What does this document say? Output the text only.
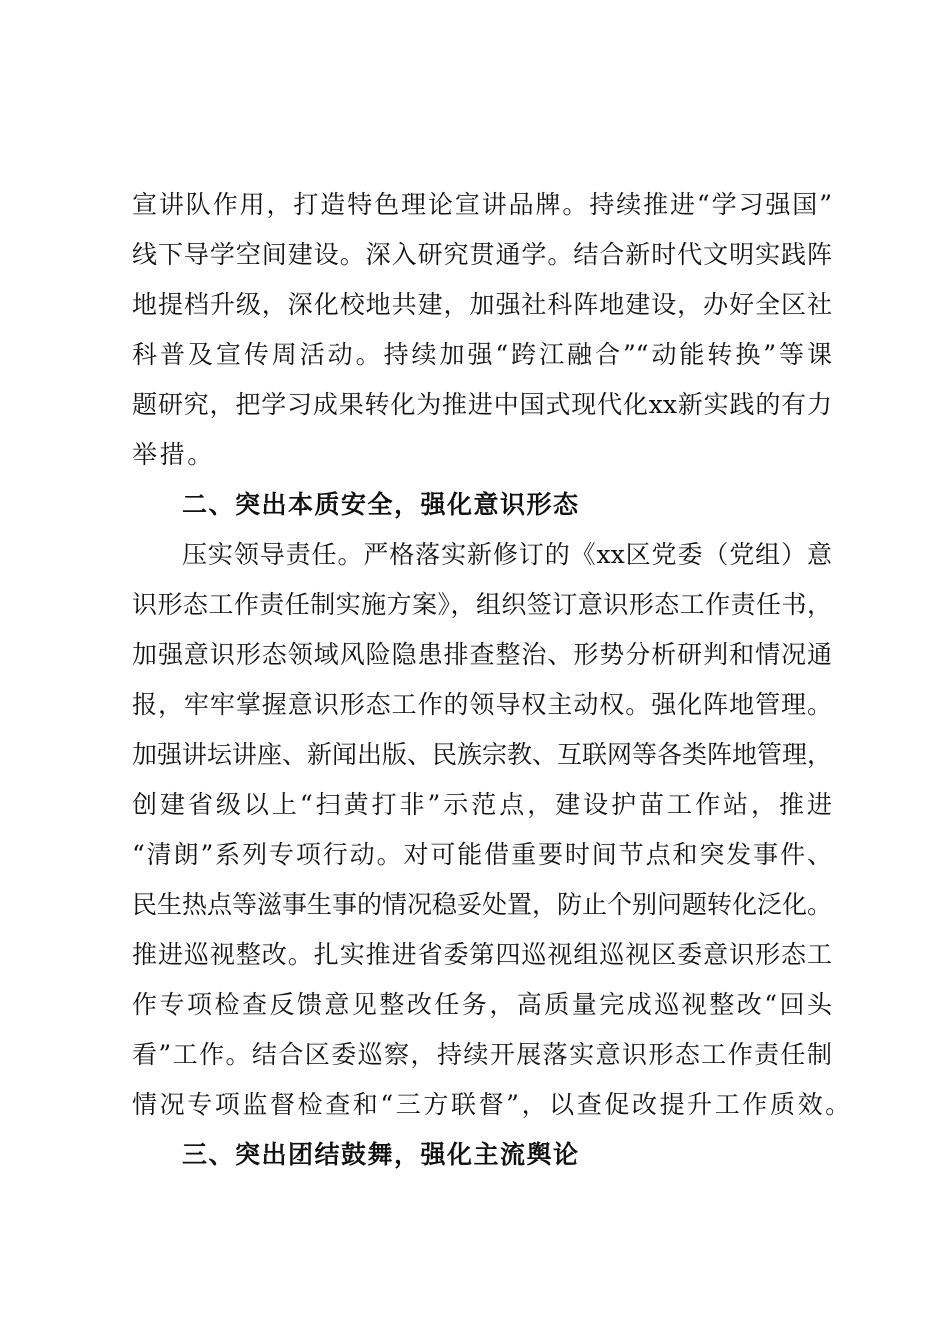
宣讲队作用，打造特色理论宣讲品牌。持续推进“学习强国”
线下导学空间建设。深入研究贯通学。结合新时代文明实践阵
地提档升级，深化校地共建，加强社科阵地建设，办好全区社
科普及宣传周活动。持续加强“跨江融合”“动能转换”等课
题研究，把学习成果转化为推进中国式现代化xx新实践的有力
举措。
二、突出本质安全，强化意识形态
压实领导责任。严格落实新修订的《xx区党委（党组）意
识形态工作责任制实施方案》，组织签订意识形态工作责任书，
加强意识形态领域风险隐患排查整治、形势分析研判和情况通
报，牢牢掌握意识形态工作的领导权主动权。强化阵地管理。
加强讲坛讲座、新闻出版、民族宗教、互联网等各类阵地管理，
创建省级以上“扫黄打非”示范点，建设护苗工作站，推进
“清朗”系列专项行动。对可能借重要时间节点和突发事件、
民生热点等滋事生事的情况稳妥处置，防止个别问题转化泛化。
推进巡视整改。扎实推进省委第四巡视组巡视区委意识形态工
作专项检查反馈意见整改任务，高质量完成巡视整改“回头
看”工作。结合区委巡察，持续开展落实意识形态工作责任制
情况专项监督检查和“三方联督”，以查促改提升工作质效。
三、突出团结鼓舞，强化主流舆论
